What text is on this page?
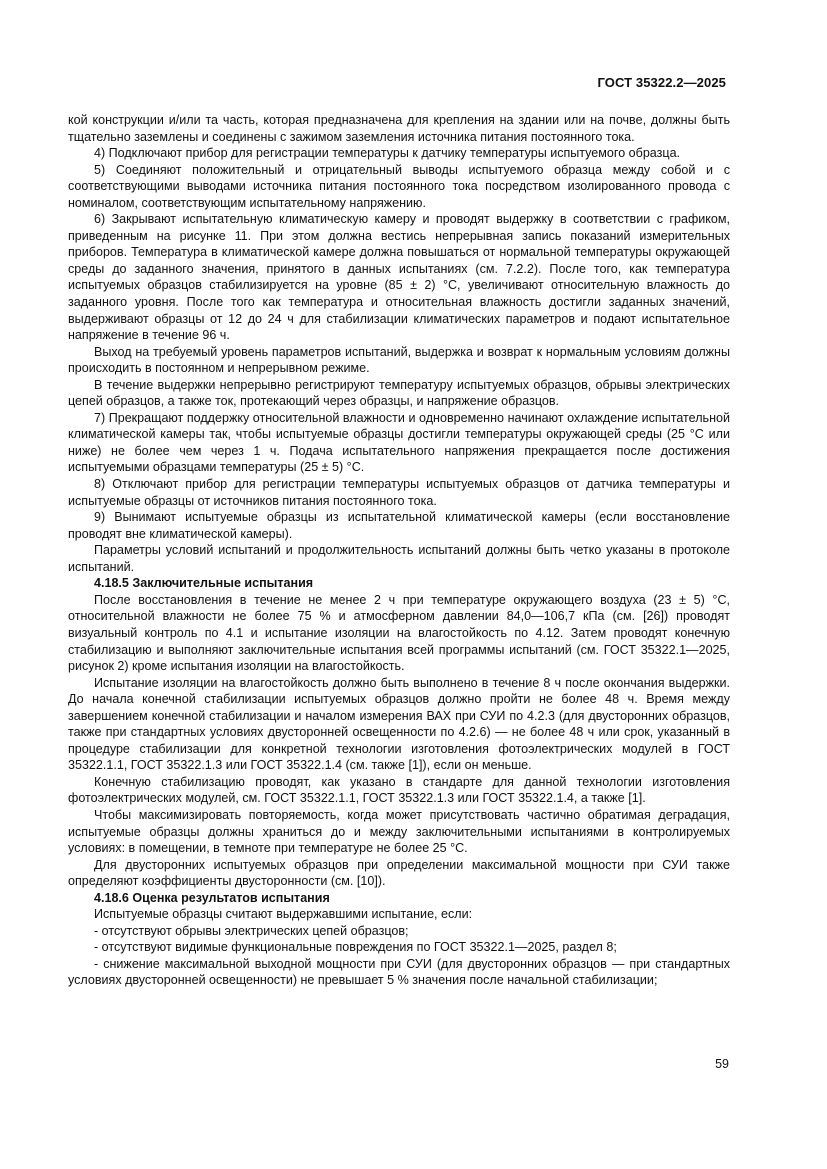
ГОСТ 35322.2—2025

кой конструкции и/или та часть, которая предназначена для крепления на здании или на почве, должны быть тщательно заземлены и соединены с зажимом заземления источника питания постоянного тока.

4) Подключают прибор для регистрации температуры к датчику температуры испытуемого образца.

5) Соединяют положительный и отрицательный выводы испытуемого образца между собой и с соответствующими выводами источника питания постоянного тока посредством изолированного провода с номиналом, соответствующим испытательному напряжению.

6) Закрывают испытательную климатическую камеру и проводят выдержку в соответствии с графиком, приведенным на рисунке 11. При этом должна вестись непрерывная запись показаний измерительных приборов. Температура в климатической камере должна повышаться от нормальной температуры окружающей среды до заданного значения, принятого в данных испытаниях (см. 7.2.2). После того, как температура испытуемых образцов стабилизируется на уровне (85 ± 2) °С, увеличивают относительную влажность до заданного уровня. После того как температура и относительная влажность достигли заданных значений, выдерживают образцы от 12 до 24 ч для стабилизации климатических параметров и подают испытательное напряжение в течение 96 ч.

Выход на требуемый уровень параметров испытаний, выдержка и возврат к нормальным условиям должны происходить в постоянном и непрерывном режиме.

В течение выдержки непрерывно регистрируют температуру испытуемых образцов, обрывы электрических цепей образцов, а также ток, протекающий через образцы, и напряжение образцов.

7) Прекращают поддержку относительной влажности и одновременно начинают охлаждение испытательной климатической камеры так, чтобы испытуемые образцы достигли температуры окружающей среды (25 °С или ниже) не более чем через 1 ч. Подача испытательного напряжения прекращается после достижения испытуемыми образцами температуры (25 ± 5) °С.

8) Отключают прибор для регистрации температуры испытуемых образцов от датчика температуры и испытуемые образцы от источников питания постоянного тока.

9) Вынимают испытуемые образцы из испытательной климатической камеры (если восстановление проводят вне климатической камеры).

Параметры условий испытаний и продолжительность испытаний должны быть четко указаны в протоколе испытаний.

4.18.5 Заключительные испытания

После восстановления в течение не менее 2 ч при температуре окружающего воздуха (23 ± 5) °С, относительной влажности не более 75 % и атмосферном давлении 84,0—106,7 кПа (см. [26]) проводят визуальный контроль по 4.1 и испытание изоляции на влагостойкость по 4.12. Затем проводят конечную стабилизацию и выполняют заключительные испытания всей программы испытаний (см. ГОСТ 35322.1—2025, рисунок 2) кроме испытания изоляции на влагостойкость.

Испытание изоляции на влагостойкость должно быть выполнено в течение 8 ч после окончания выдержки. До начала конечной стабилизации испытуемых образцов должно пройти не более 48 ч. Время между завершением конечной стабилизации и началом измерения ВАХ при СУИ по 4.2.3 (для двусторонних образцов, также при стандартных условиях двусторонней освещенности по 4.2.6) — не более 48 ч или срок, указанный в процедуре стабилизации для конкретной технологии изготовления фотоэлектрических модулей в ГОСТ 35322.1.1, ГОСТ 35322.1.3 или ГОСТ 35322.1.4 (см. также [1]), если он меньше.

Конечную стабилизацию проводят, как указано в стандарте для данной технологии изготовления фотоэлектрических модулей, см. ГОСТ 35322.1.1, ГОСТ 35322.1.3 или ГОСТ 35322.1.4, а также [1].

Чтобы максимизировать повторяемость, когда может присутствовать частично обратимая деградация, испытуемые образцы должны храниться до и между заключительными испытаниями в контролируемых условиях: в помещении, в темноте при температуре не более 25 °С.

Для двусторонних испытуемых образцов при определении максимальной мощности при СУИ также определяют коэффициенты двусторонности (см. [10]).

4.18.6 Оценка результатов испытания

Испытуемые образцы считают выдержавшими испытание, если:

- отсутствуют обрывы электрических цепей образцов;

- отсутствуют видимые функциональные повреждения по ГОСТ 35322.1—2025, раздел 8;

- снижение максимальной выходной мощности при СУИ (для двусторонних образцов — при стандартных условиях двусторонней освещенности) не превышает 5 % значения после начальной стабилизации;

59
